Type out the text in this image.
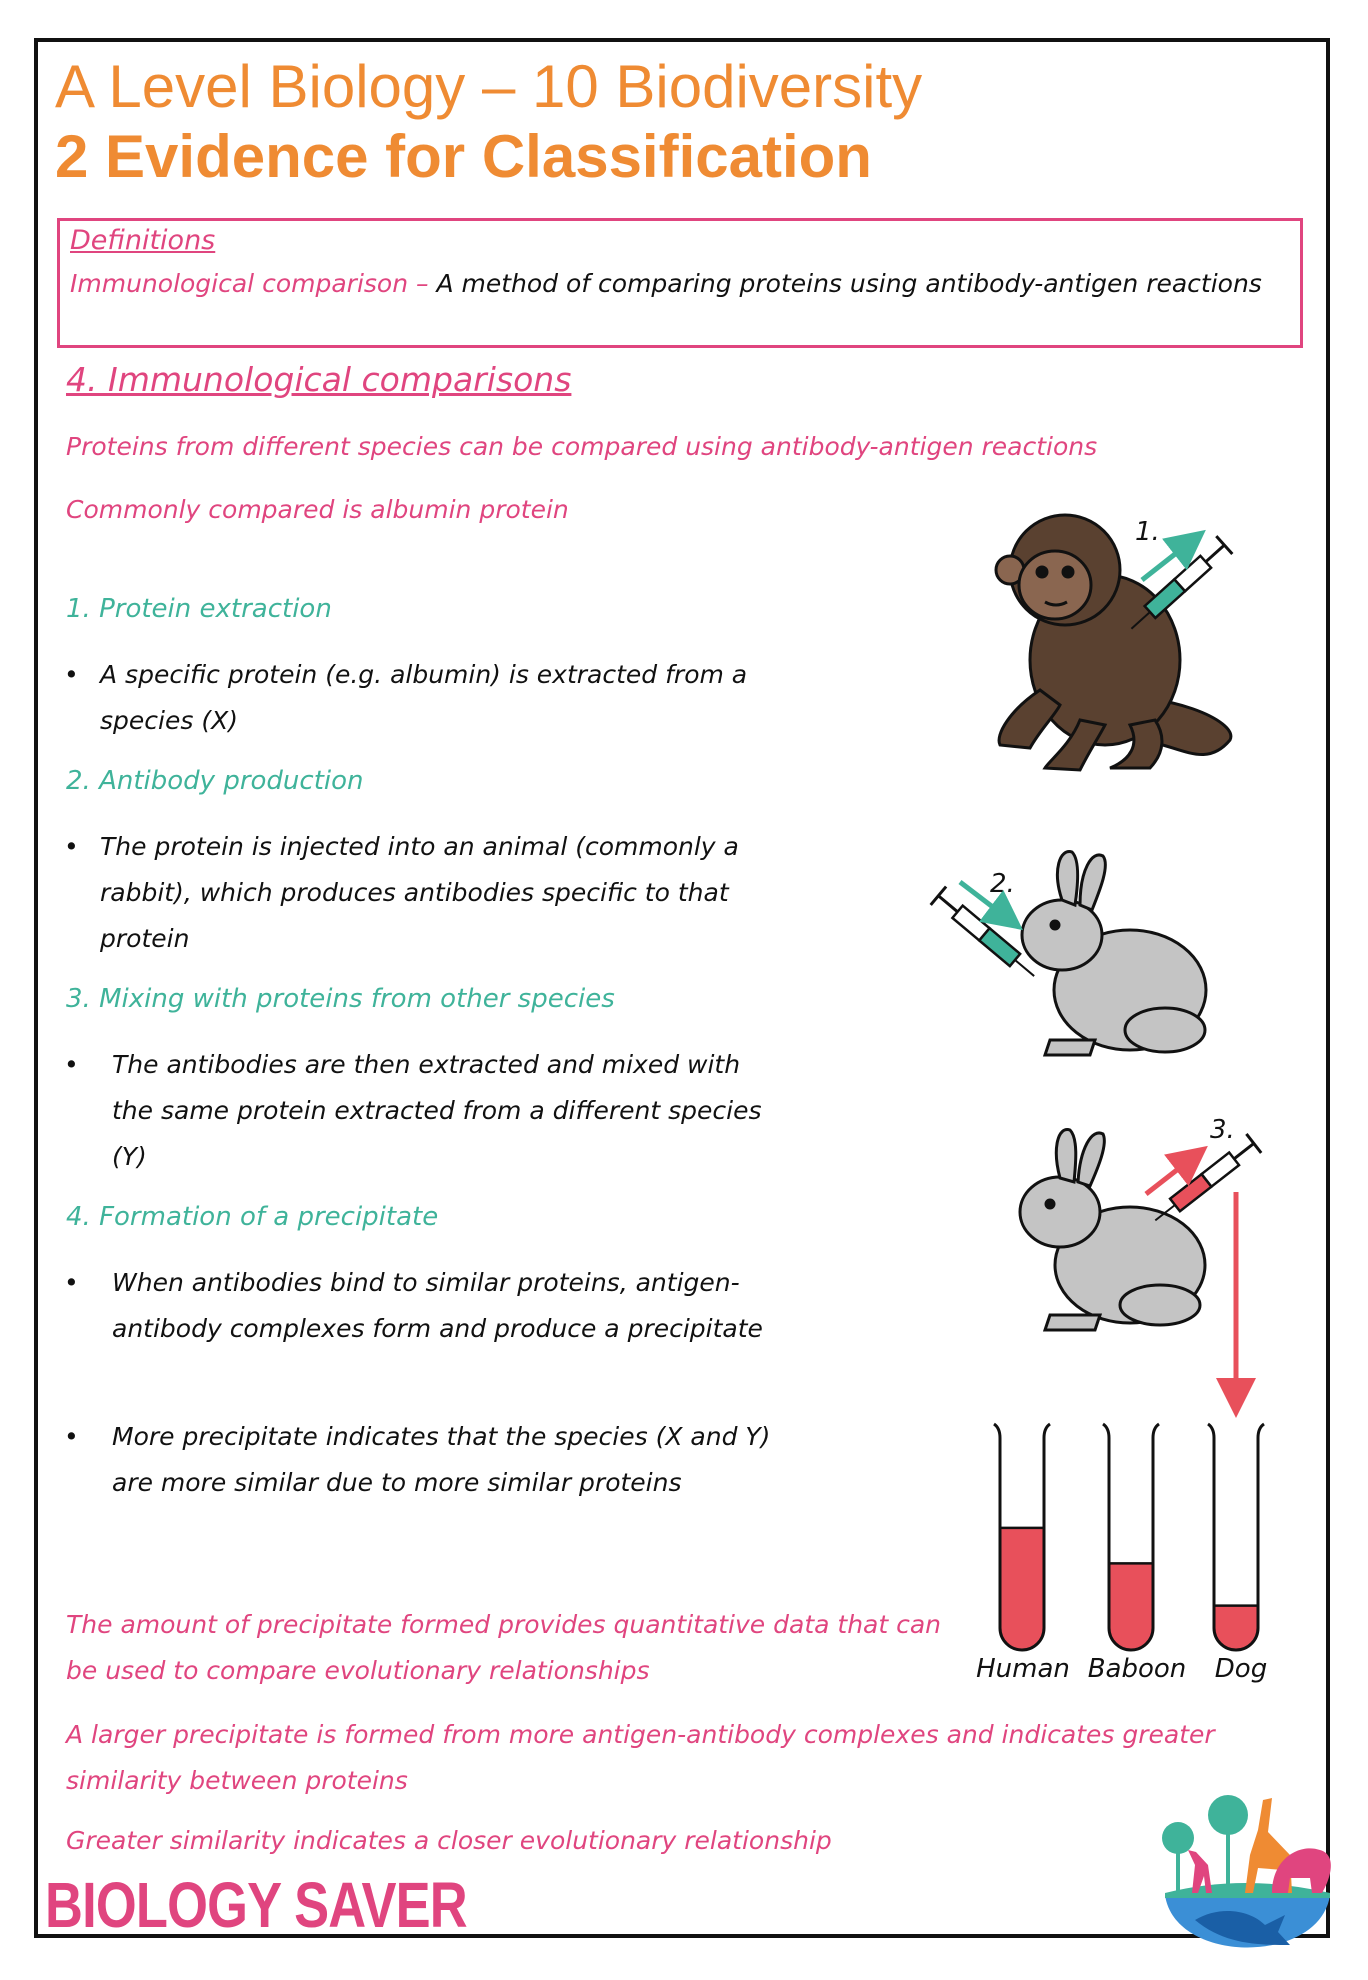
A Level Biology – 10 Biodiversity
2 Evidence for Classification
Definitions
Immunological comparison – A method of comparing proteins using antibody-antigen reactions
4. Immunological comparisons
Proteins from different species can be compared using antibody-antigen reactions
Commonly compared is albumin protein
1. Protein extraction
• A specific protein (e.g. albumin) is extracted from a species (X)
2. Antibody production
• The protein is injected into an animal (commonly a rabbit), which produces antibodies specific to that protein
3. Mixing with proteins from other species
•	The antibodies are then extracted and mixed with the same protein extracted from a different species (Y)
4. Formation of a precipitate
•	When antibodies bind to similar proteins, antigen-antibody complexes form and produce a precipitate
•	More precipitate indicates that the species (X and Y) are more similar due to more similar proteins
The amount of precipitate formed provides quantitative data that can be used to compare evolutionary relationships
A larger precipitate is formed from more antigen-antibody complexes and indicates greater similarity between proteins
Greater similarity indicates a closer evolutionary relationship
1.
2.
3.
Human Baboon	Dog
BIOLOGY SAVER
